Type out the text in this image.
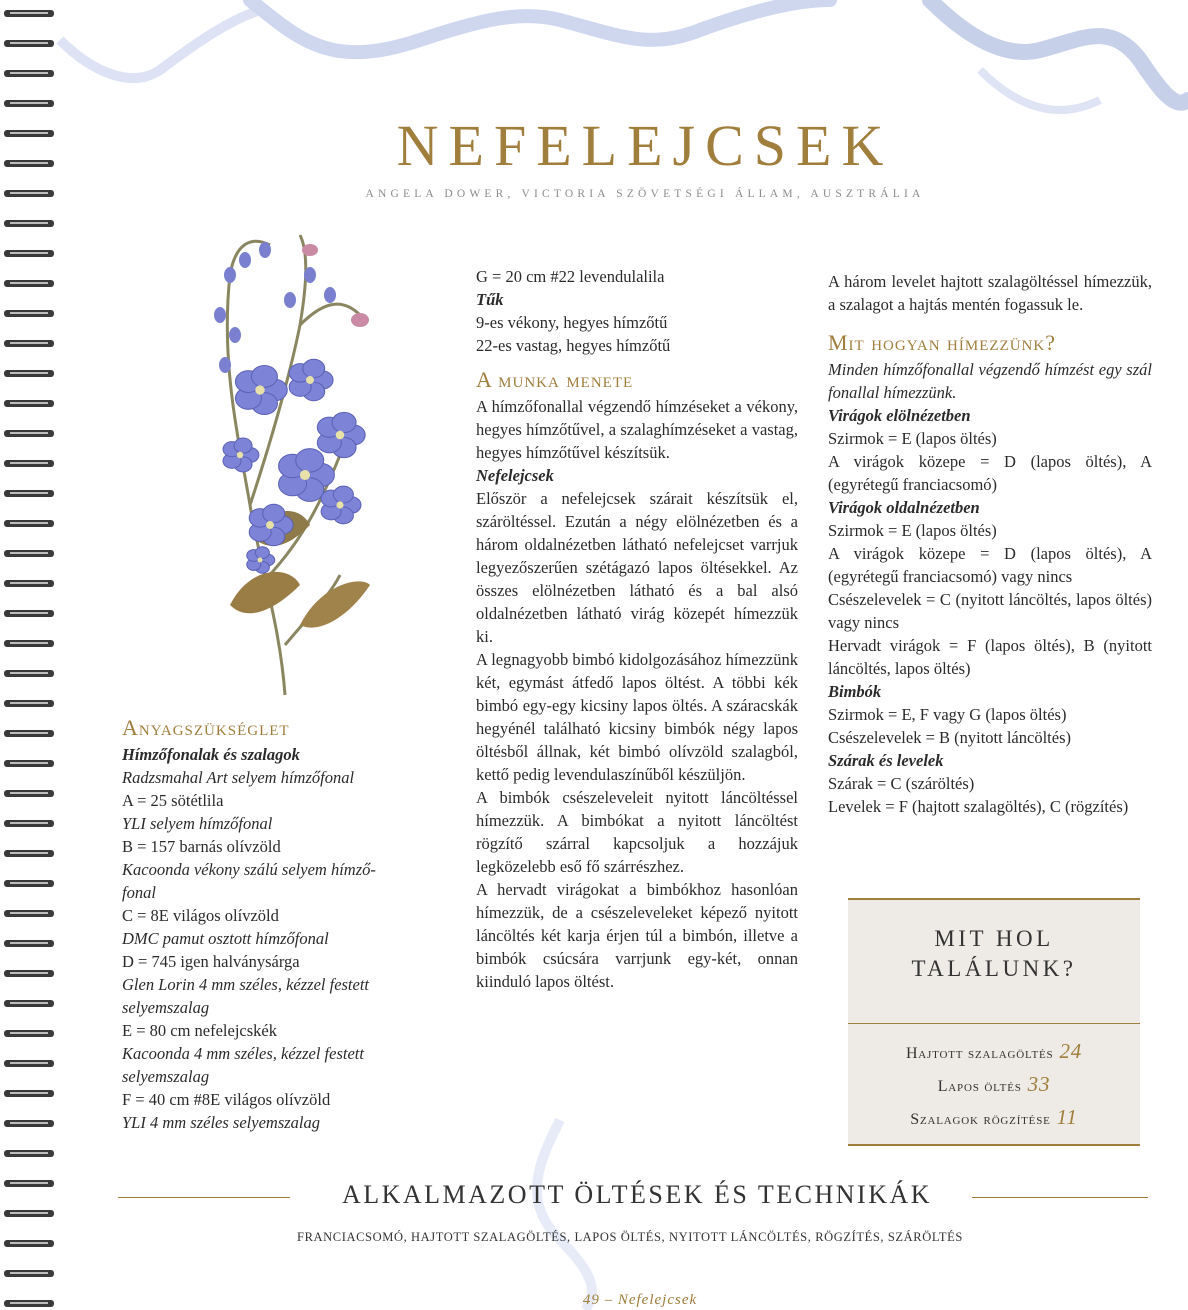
NEFELEJCSEK
ANGELA DOWER, VICTORIA SZÖVETSÉGI ÁLLAM, AUSZTRÁLIA

Anyagszükséglet

Hímzőfonalak és szalagok

Radzsmahal Art selyem hímzőfonal

A = 25 sötétlila

YLI selyem hímzőfonal

B = 157 barnás olívzöld

Kacoonda vékony szálú selyem hímző-

fonal

C = 8E világos olívzöld

DMC pamut osztott hímzőfonal

D = 745 igen halványsárga

Glen Lorin 4 mm széles, kézzel festett

selyemszalag

E = 80 cm nefelejcskék

Kacoonda 4 mm széles, kézzel festett

selyemszalag

F = 40 cm #8E világos olívzöld

YLI 4 mm széles selyemszalag

G = 20 cm #22 levendulalila

Tűk

9-es vékony, hegyes hímzőtű

22-es vastag, hegyes hímzőtű

A munka menete

A hímzőfonallal végzendő hímzéseket a vékony, hegyes hímzőtűvel, a szalaghímzéseket a vastag, hegyes hímzőtűvel készítsük.

Nefelejcsek

Először a nefelejcsek szárait készítsük el, száröltéssel. Ezután a négy elölnézetben és a három oldalnézetben látható nefelejcset varrjuk legyezőszerűen szétágazó lapos öltésekkel. Az összes elölnézetben látható és a bal alsó oldalnézetben látható virág közepét hímezzük ki.

A legnagyobb bimbó kidolgozásához hímezzünk két, egymást átfedő lapos öltést. A többi kék bimbó egy-egy kicsiny lapos öltés. A száracskák hegyénél található kicsiny bimbók négy lapos öltésből állnak, két bimbó olívzöld szalagból, kettő pedig levendulaszínűből készüljön.

A bimbók csészeleveleit nyitott láncöltéssel hímezzük. A bimbókat a nyitott láncöltést rögzítő szárral kapcsoljuk a hozzájuk legközelebb eső fő szárrészhez.

A hervadt virágokat a bimbókhoz hasonlóan hímezzük, de a csészeleveleket képező nyitott láncöltés két karja érjen túl a bimbón, illetve a bimbók csúcsára varrjunk egy-két, onnan kiinduló lapos öltést.

A három levelet hajtott szalagöltéssel hímezzük, a szalagot a hajtás mentén fogassuk le.

Mit hogyan hímezzünk?

Minden hímzőfonallal végzendő hímzést egy szál fonallal hímezzünk.

Virágok elölnézetben

Szirmok = E (lapos öltés)

A virágok közepe = D (lapos öltés), A (egyrétegű franciacsomó)

Virágok oldalnézetben

Szirmok = E (lapos öltés)

A virágok közepe = D (lapos öltés), A (egyrétegű franciacsomó) vagy nincs

Csészelevelek = C (nyitott láncöltés, lapos öltés) vagy nincs

Hervadt virágok = F (lapos öltés), B (nyitott láncöltés, lapos öltés)

Bimbók

Szirmok = E, F vagy G (lapos öltés)

Csészelevelek = B (nyitott láncöltés)

Szárak és levelek

Szárak = C (száröltés)

Levelek = F (hajtott szalagöltés), C (rögzítés)

MIT HOL
TALÁLUNK?
Hajtott szalagöltés 24
Lapos öltés 33
Szalagok rögzítése 11
ALKALMAZOTT ÖLTÉSEK ÉS TECHNIKÁK
FRANCIACSOMÓ, HAJTOTT SZALAGÖLTÉS, LAPOS ÖLTÉS, NYITOTT LÁNCÖLTÉS, RÖGZÍTÉS, SZÁRÖLTÉS
49 – Nefelejcsek
